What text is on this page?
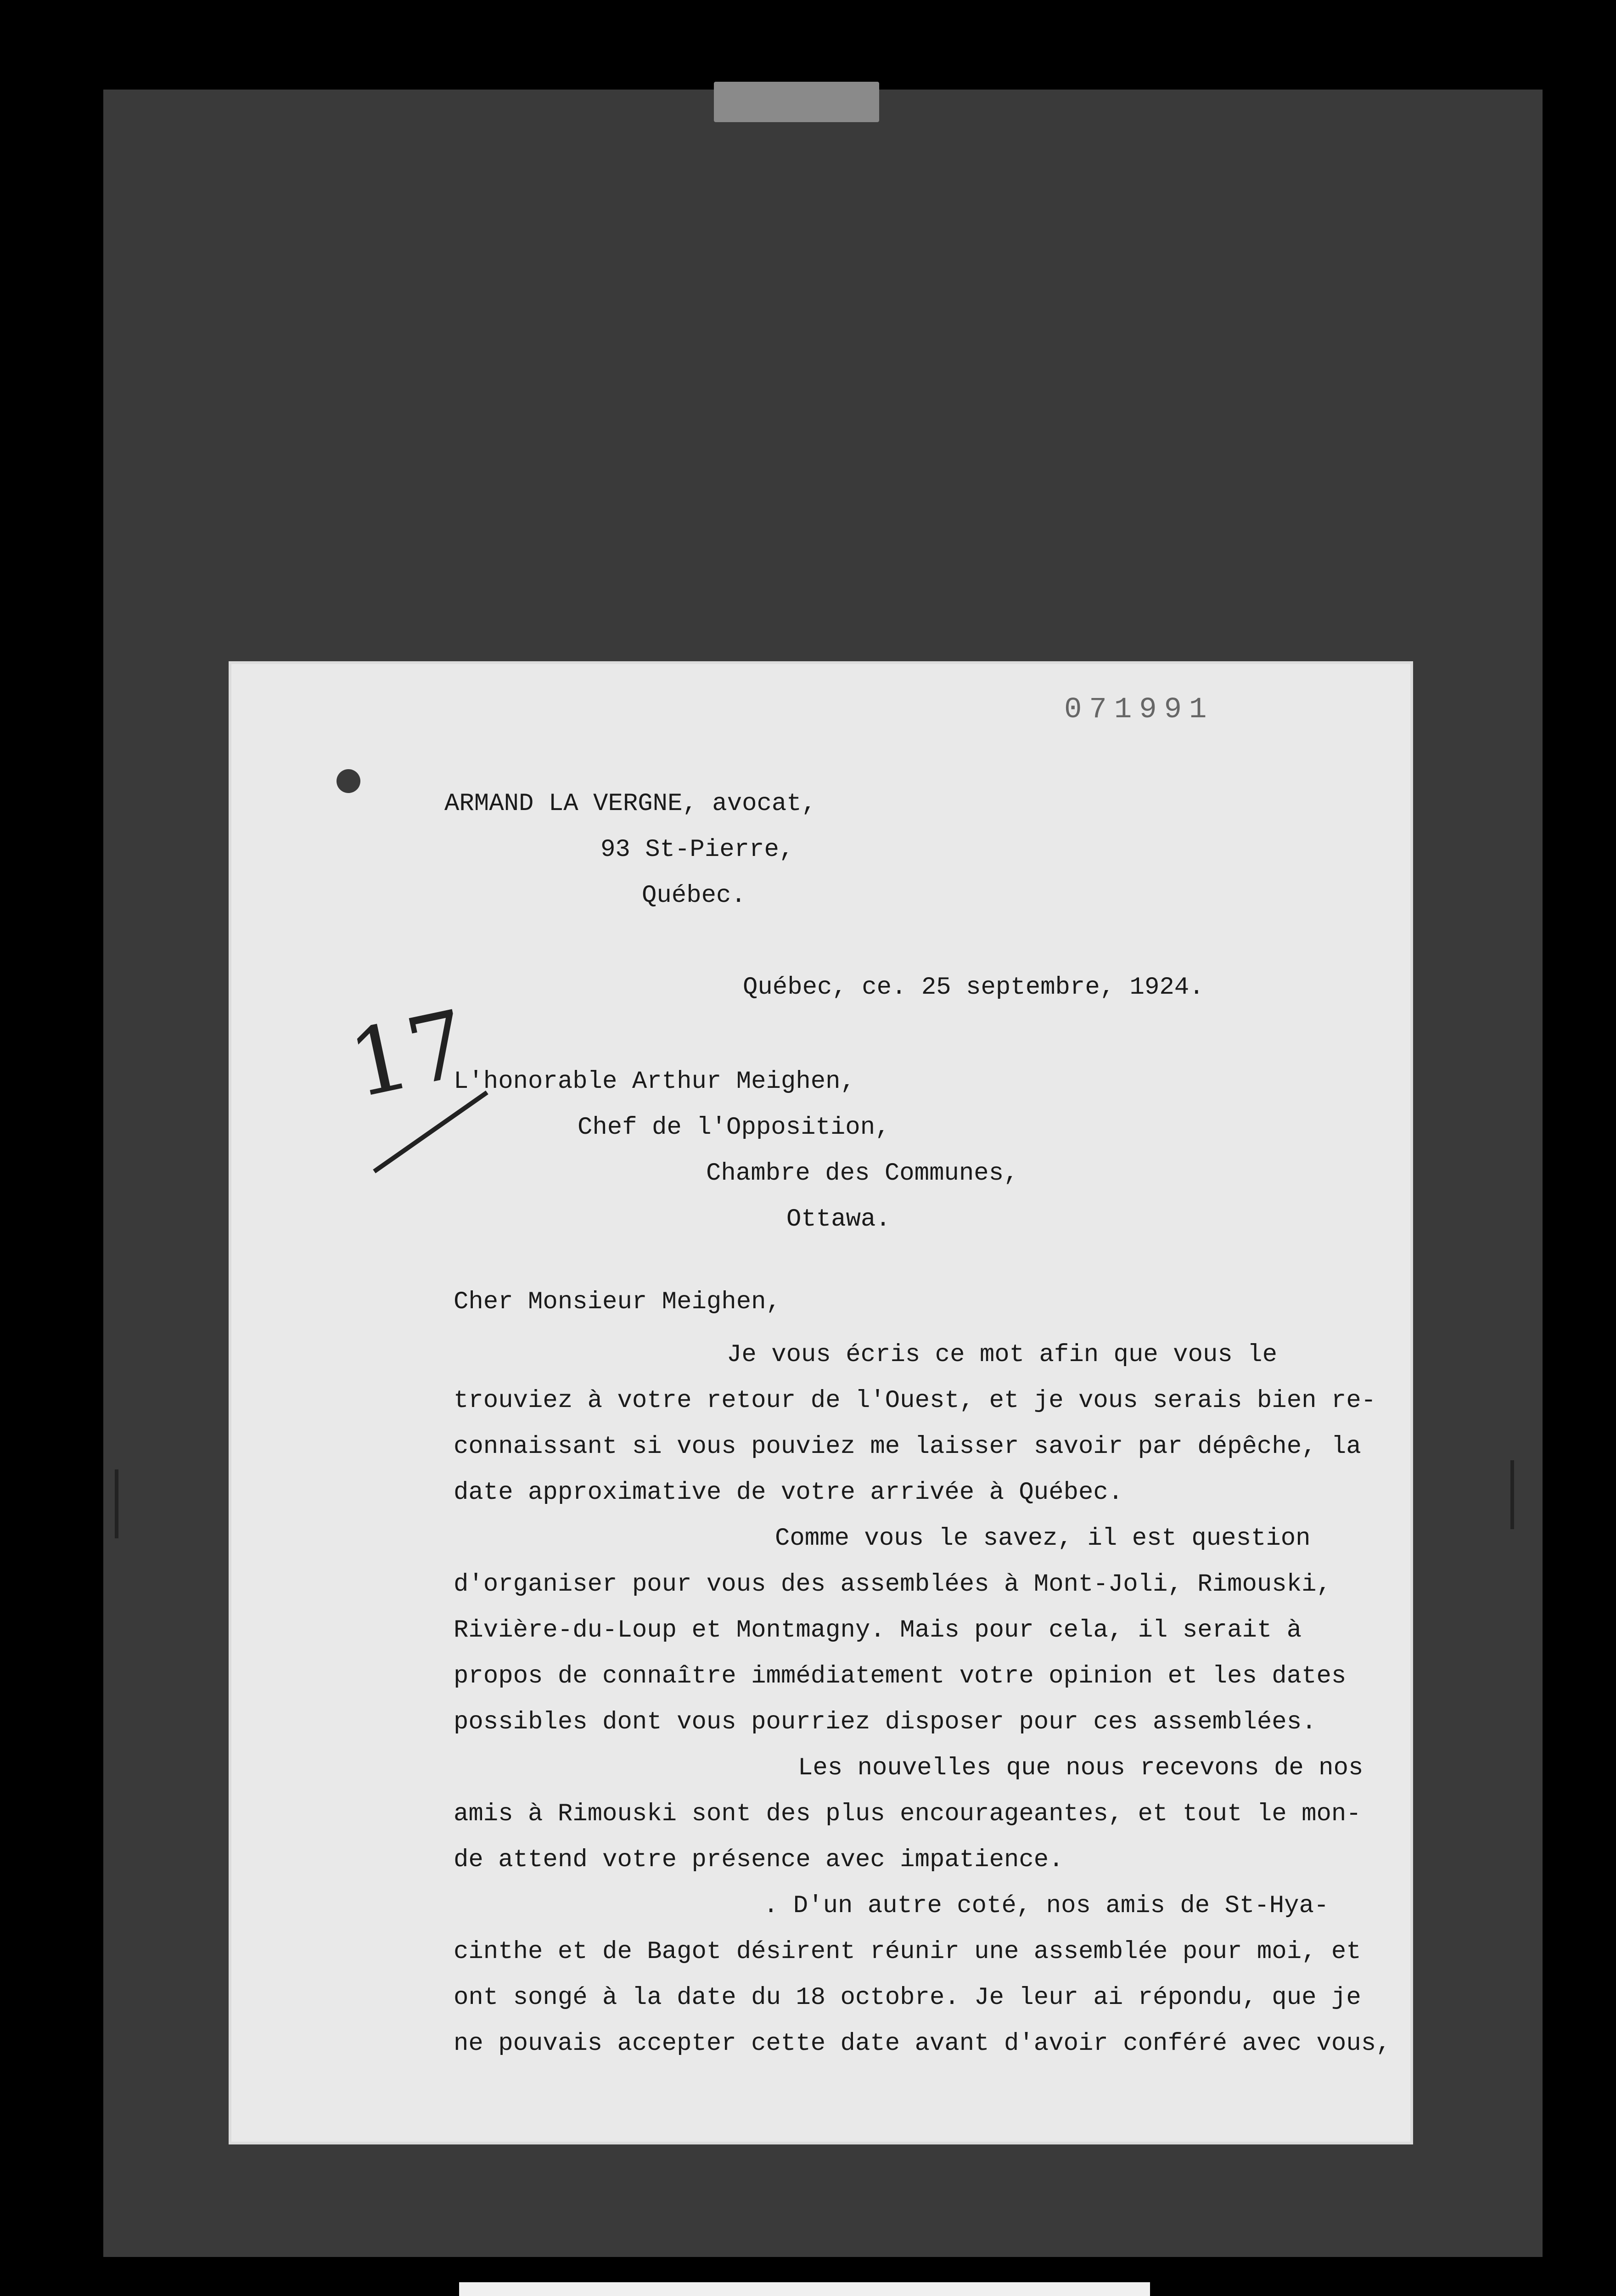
071991
17
ARMAND LA VERGNE, avocat,
93 St-Pierre,
Québec.
Québec, ce. 25 septembre, 1924.
L'honorable Arthur Meighen,
Chef de l'Opposition,
Chambre des Communes,
Ottawa.
Cher Monsieur Meighen,
Je vous écris ce mot afin que vous le
trouviez à votre retour de l'Ouest, et je vous serais bien re-
connaissant si vous pouviez me laisser savoir par dépêche, la
date approximative de votre arrivée à Québec.
Comme vous le savez, il est question
d'organiser pour vous des assemblées à Mont-Joli, Rimouski,
Rivière-du-Loup et Montmagny. Mais pour cela, il serait à
propos de connaître immédiatement votre opinion et les dates
possibles dont vous pourriez disposer pour ces assemblées.
Les nouvelles que nous recevons de nos
amis à Rimouski sont des plus encourageantes, et tout le mon-
de attend votre présence avec impatience.
. D'un autre coté, nos amis de St-Hya-
cinthe et de Bagot désirent réunir une assemblée pour moi, et
ont songé à la date du 18 octobre. Je leur ai répondu, que je
ne pouvais accepter cette date avant d'avoir conféré avec vous,
